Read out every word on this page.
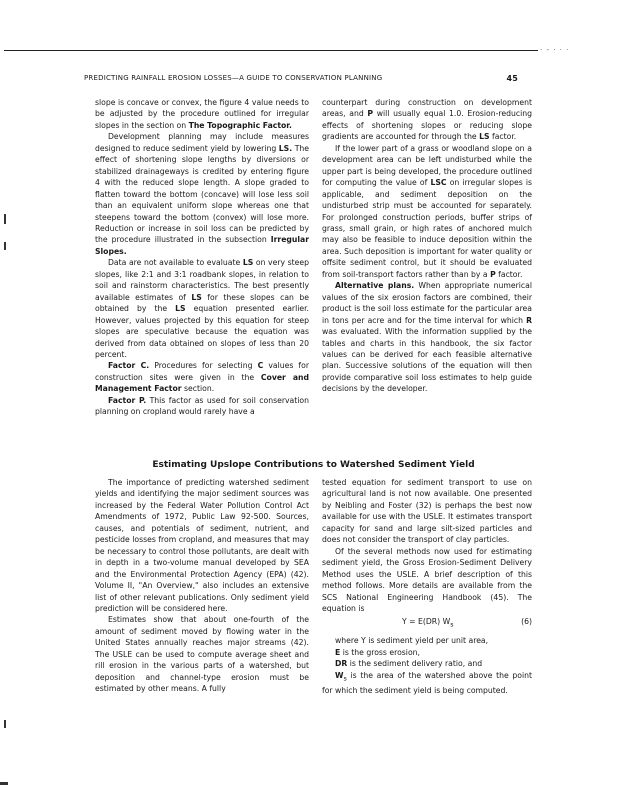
· - · · ·
PREDICTING RAINFALL EROSION LOSSES—A GUIDE TO CONSERVATION PLANNING	45

slope is concave or convex, the figure 4 value needs to be adjusted by the procedure outlined for irregular slopes in the section on The Topographic Factor.

Development planning may include measures designed to reduce sediment yield by lowering LS. The effect of shortening slope lengths by diversions or stabilized drainageways is credited by entering figure 4 with the reduced slope length. A slope graded to flatten toward the bottom (concave) will lose less soil than an equivalent uniform slope whereas one that steepens toward the bottom (convex) will lose more. Reduction or increase in soil loss can be predicted by the procedure illustrated in the subsection Irregular Slopes.

Data are not available to evaluate LS on very steep slopes, like 2:1 and 3:1 roadbank slopes, in relation to soil and rainstorm characteristics. The best presently available estimates of LS for these slopes can be obtained by the LS equation presented earlier. However, values projected by this equation for steep slopes are speculative because the equation was derived from data obtained on slopes of less than 20 percent.

Factor C. Procedures for selecting C values for construction sites were given in the Cover and Management Factor section.

Factor P. This factor as used for soil conservation planning on cropland would rarely have a

counterpart during construction on development areas, and P will usually equal 1.0. Erosion-reducing effects of shortening slopes or reducing slope gradients are accounted for through the LS factor.

If the lower part of a grass or woodland slope on a development area can be left undisturbed while the upper part is being developed, the procedure outlined for computing the value of LSC on irregular slopes is applicable, and sediment deposition on the undisturbed strip must be accounted for separately. For prolonged construction periods, buffer strips of grass, small grain, or high rates of anchored mulch may also be feasible to induce deposition within the area. Such deposition is important for water quality or offsite sediment control, but it should be evaluated from soil-transport factors rather than by a P factor.

Alternative plans. When appropriate numerical values of the six erosion factors are combined, their product is the soil loss estimate for the particular area in tons per acre and for the time interval for which R was evaluated. With the information supplied by the tables and charts in this handbook, the six factor values can be derived for each feasible alternative plan. Successive solutions of the equation will then provide comparative soil loss estimates to help guide decisions by the developer.

Estimating Upslope Contributions to Watershed Sediment Yield

The importance of predicting watershed sediment yields and identifying the major sediment sources was increased by the Federal Water Pollution Control Act Amendments of 1972, Public Law 92-500. Sources, causes, and potentials of sediment, nutrient, and pesticide losses from cropland, and measures that may be necessary to control those pollutants, are dealt with in depth in a two-volume manual developed by SEA and the Environmental Protection Agency (EPA) (42). Volume II, "An Overview," also includes an extensive list of other relevant publications. Only sediment yield prediction will be considered here.

Estimates show that about one-fourth of the amount of sediment moved by flowing water in the United States annually reaches major streams (42). The USLE can be used to compute average sheet and rill erosion in the various parts of a watershed, but deposition and channel-type erosion must be estimated by other means. A fully

tested equation for sediment transport to use on agricultural land is not now available. One presented by Neibling and Foster (32) is perhaps the best now available for use with the USLE. It estimates transport capacity for sand and large silt-sized particles and does not consider the transport of clay particles.

Of the several methods now used for estimating sediment yield, the Gross Erosion-Sediment Delivery Method uses the USLE. A brief description of this method follows. More details are available from the SCS National Engineering Handbook (45). The equation is

Y = E(DR) $W_s$	(6)

where Y is sediment yield per unit area,

E is the gross erosion,

DR is the sediment delivery ratio, and

$W_s$ is the area of the watershed above the point for which the sediment yield is being computed.
